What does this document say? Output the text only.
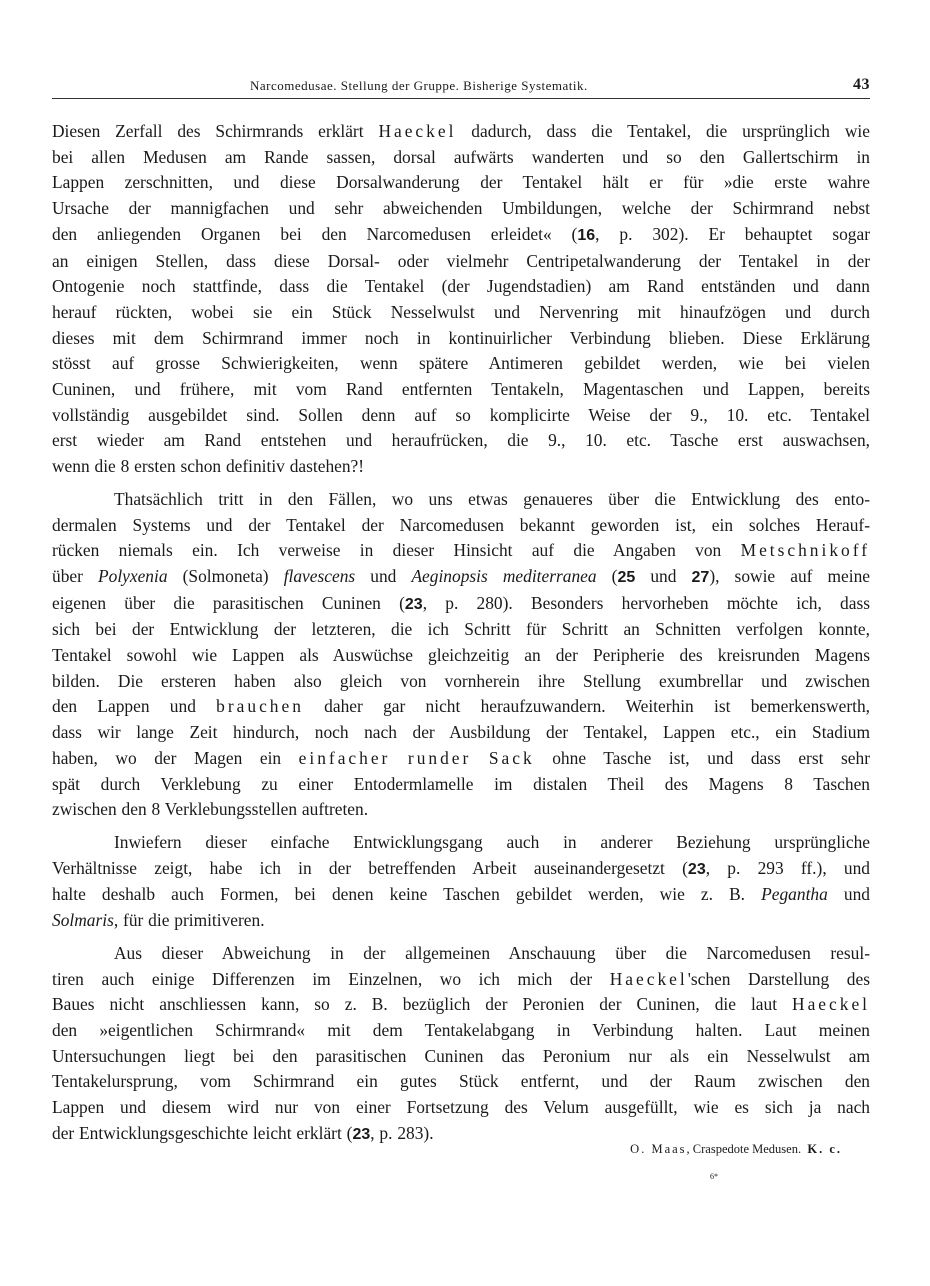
Narcomedusae. Stellung der Gruppe. Bisherige Systematik.	43
Diesen Zerfall des Schirmrands erklärt Haeckel dadurch, dass die Tentakel, die ursprünglich wie
bei allen Medusen am Rande sassen, dorsal aufwärts wanderten und so den Gallertschirm in
Lappen zerschnitten, und diese Dorsalwanderung der Tentakel hält er für »die erste wahre
Ursache der mannigfachen und sehr abweichenden Umbildungen, welche der Schirmrand nebst
den anliegenden Organen bei den Narcomedusen erleidet« (16, p. 302). Er behauptet sogar
an einigen Stellen, dass diese Dorsal- oder vielmehr Centripetalwanderung der Tentakel in der
Ontogenie noch stattfinde, dass die Tentakel (der Jugendstadien) am Rand entständen und dann
herauf rückten, wobei sie ein Stück Nesselwulst und Nervenring mit hinaufzögen und durch
dieses mit dem Schirmrand immer noch in kontinuirlicher Verbindung blieben. Diese Erklärung
stösst auf grosse Schwierigkeiten, wenn spätere Antimeren gebildet werden, wie bei vielen
Cuninen, und frühere, mit vom Rand entfernten Tentakeln, Magentaschen und Lappen, bereits
vollständig ausgebildet sind. Sollen denn auf so komplicirte Weise der 9., 10. etc. Tentakel
erst wieder am Rand entstehen und heraufrücken, die 9., 10. etc. Tasche erst auswachsen,
wenn die 8 ersten schon definitiv dastehen?!
Thatsächlich tritt in den Fällen, wo uns etwas genaueres über die Entwicklung des ento-
dermalen Systems und der Tentakel der Narcomedusen bekannt geworden ist, ein solches Herauf-
rücken niemals ein. Ich verweise in dieser Hinsicht auf die Angaben von Metschnikoff
über Polyxenia (Solmoneta) flavescens und Aeginopsis mediterranea (25 und 27), sowie auf meine
eigenen über die parasitischen Cuninen (23, p. 280). Besonders hervorheben möchte ich, dass
sich bei der Entwicklung der letzteren, die ich Schritt für Schritt an Schnitten verfolgen konnte,
Tentakel sowohl wie Lappen als Auswüchse gleichzeitig an der Peripherie des kreisrunden Magens
bilden. Die ersteren haben also gleich von vornherein ihre Stellung exumbrellar und zwischen
den Lappen und brauchen daher gar nicht heraufzuwandern. Weiterhin ist bemerkenswerth,
dass wir lange Zeit hindurch, noch nach der Ausbildung der Tentakel, Lappen etc., ein Stadium
haben, wo der Magen ein einfacher runder Sack ohne Tasche ist, und dass erst sehr
spät durch Verklebung zu einer Entodermlamelle im distalen Theil des Magens 8 Taschen
zwischen den 8 Verklebungsstellen auftreten.
Inwiefern dieser einfache Entwicklungsgang auch in anderer Beziehung ursprüngliche
Verhältnisse zeigt, habe ich in der betreffenden Arbeit auseinandergesetzt (23, p. 293 ff.), und
halte deshalb auch Formen, bei denen keine Taschen gebildet werden, wie z. B. Pegantha und
Solmaris, für die primitiveren.
Aus dieser Abweichung in der allgemeinen Anschauung über die Narcomedusen resul-
tiren auch einige Differenzen im Einzelnen, wo ich mich der Haeckel'schen Darstellung des
Baues nicht anschliessen kann, so z. B. bezüglich der Peronien der Cuninen, die laut Haeckel
den »eigentlichen Schirmrand« mit dem Tentakelabgang in Verbindung halten. Laut meinen
Untersuchungen liegt bei den parasitischen Cuninen das Peronium nur als ein Nesselwulst am
Tentakelursprung, vom Schirmrand ein gutes Stück entfernt, und der Raum zwischen den
Lappen und diesem wird nur von einer Fortsetzung des Velum ausgefüllt, wie es sich ja nach
der Entwicklungsgeschichte leicht erklärt (23, p. 283).
O. Maas, Craspedote Medusen. K. c.
6*
